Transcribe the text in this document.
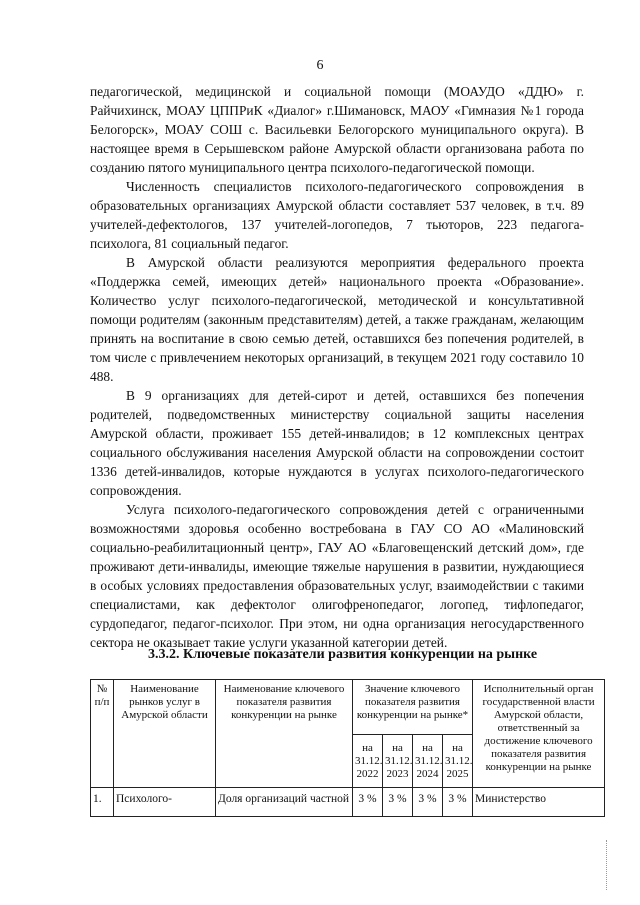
6

педагогической, медицинской и социальной помощи (МОАУДО «ДДЮ» г. Райчихинск, МОАУ ЦППРиК «Диалог» г.Шимановск, МАОУ «Гимназия №1 города Белогорск», МОАУ СОШ с. Васильевки Белогорского муниципального округа). В настоящее время в Серышевском районе Амурской области организована работа по созданию пятого муниципального центра психолого-педагогической помощи.

Численность специалистов психолого-педагогического сопровождения в образовательных организациях Амурской области составляет 537 человек, в т.ч. 89 учителей-дефектологов, 137 учителей-логопедов, 7 тьюторов, 223 педагога-психолога, 81 социальный педагог.

В Амурской области реализуются мероприятия федерального проекта «Поддержка семей, имеющих детей» национального проекта «Образование». Количество услуг психолого-педагогической, методической и консультативной помощи родителям (законным представителям) детей, а также гражданам, желающим принять на воспитание в свою семью детей, оставшихся без попечения родителей, в том числе с привлечением некоторых организаций, в текущем 2021 году составило 10 488.

В 9 организациях для детей-сирот и детей, оставшихся без попечения родителей, подведомственных министерству социальной защиты населения Амурской области, проживает 155 детей-инвалидов; в 12 комплексных центрах социального обслуживания населения Амурской области на сопровождении состоит 1336 детей-инвалидов, которые нуждаются в услугах психолого-педагогического сопровождения.

Услуга психолого-педагогического сопровождения детей с ограниченными возможностями здоровья особенно востребована в ГАУ СО АО «Малиновский социально-реабилитационный центр», ГАУ АО «Благовещенский детский дом», где проживают дети-инвалиды, имеющие тяжелые нарушения в развитии, нуждающиеся в особых условиях предоставления образовательных услуг, взаимодействии с такими специалистами, как дефектолог олигофренопедагог, логопед, тифлопедагог, сурдопедагог, педагог-психолог. При этом, ни одна организация негосударственного сектора не оказывает такие услуги указанной категории детей.

3.3.2. Ключевые показатели развития конкуренции на рынке
№ п/п	Наименование рынков услуг в Амурской области	Наименование ключевого показателя развития конкуренции на рынке	Значение ключевого показателя развития конкуренции на рынке*				Исполнительный орган государственной власти Амурской области, ответственный за достижение ключевого показателя развития конкуренции на рынке
			на 31.12. 2022	на 31.12. 2023	на 31.12. 2024	на 31.12. 2025	
1.	Психолого-	Доля организаций частной	3 %	3 %	3 %	3 %	Министерство
